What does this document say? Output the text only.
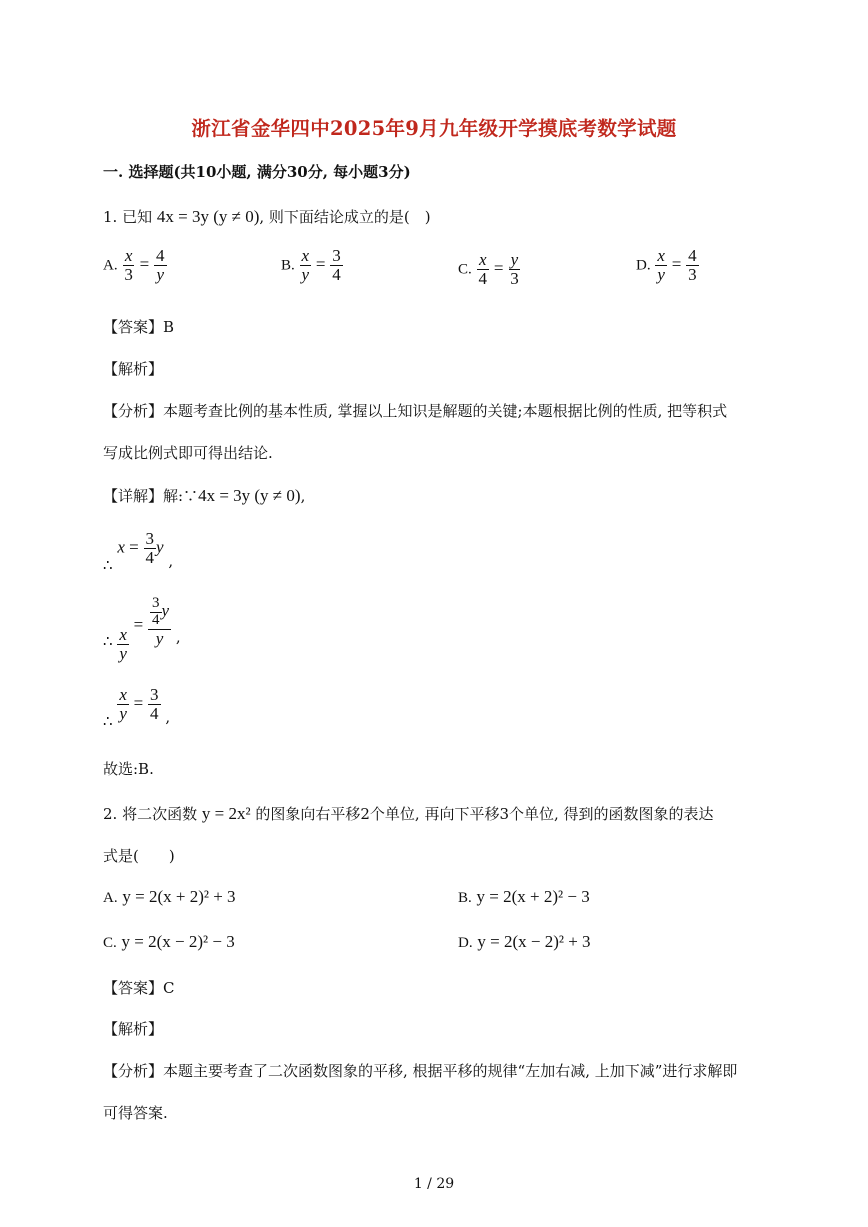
浙江省金华四中2025年9月九年级开学摸底考数学试题
一. 选择题(共10小题, 满分30分, 每小题3分)
1. 已知 4x = 3y (y ≠ 0), 则下面结论成立的是(　)
A. $\frac{x}{3} = \frac{4}{y}$	B. $\frac{x}{y} = \frac{3}{4}$	C. $\frac{x}{4} = \frac{y}{3}$	D. $\frac{x}{y} = \frac{4}{3}$
【答案】B
【解析】
【分析】本题考查比例的基本性质, 掌握以上知识是解题的关键;本题根据比例的性质, 把等积式
写成比例式即可得出结论.
【详解】解:∵4x = 3y (y ≠ 0),
∴ $x = \frac{3}{4}$ y ,
∴ $\frac{x}{y}$
= $\frac{\frac{3}{4} y}{y}$ ,
∴ $\frac{x}{y} = \frac{3}{4}$ ,
故选:B.
2. 将二次函数 y = 2x² 的图象向右平移2个单位, 再向下平移3个单位, 得到的函数图象的表达
式是(　　)
A. y = 2(x + 2)² + 3	B. y = 2(x + 2)² − 3
C. y = 2(x − 2)² − 3	D. y = 2(x − 2)² + 3
【答案】C
【解析】
【分析】本题主要考查了二次函数图象的平移, 根据平移的规律“左加右减, 上加下减”进行求解即
可得答案.
1 / 29
